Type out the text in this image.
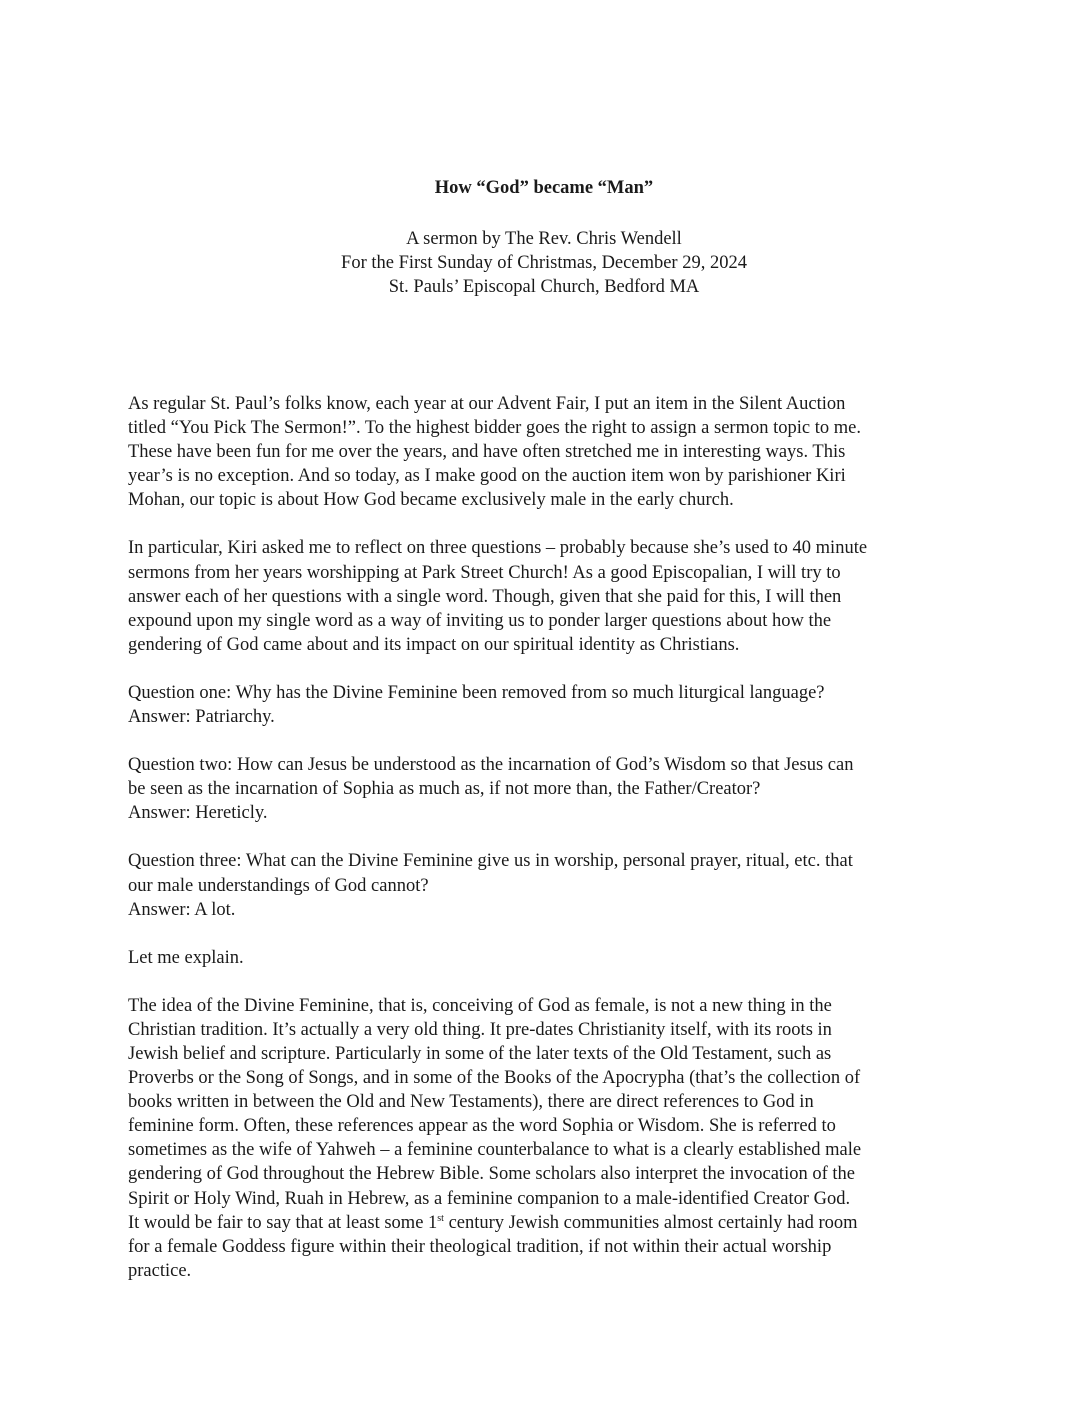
How “God” became “Man”
A sermon by The Rev. Chris Wendell
For the First Sunday of Christmas, December 29, 2024
St. Pauls’ Episcopal Church, Bedford MA

As regular St. Paul’s folks know, each year at our Advent Fair, I put an item in the Silent Auction
titled “You Pick The Sermon!”. To the highest bidder goes the right to assign a sermon topic to me.
These have been fun for me over the years, and have often stretched me in interesting ways. This
year’s is no exception. And so today, as I make good on the auction item won by parishioner Kiri
Mohan, our topic is about How God became exclusively male in the early church.

In particular, Kiri asked me to reflect on three questions – probably because she’s used to 40 minute
sermons from her years worshipping at Park Street Church! As a good Episcopalian, I will try to
answer each of her questions with a single word. Though, given that she paid for this, I will then
expound upon my single word as a way of inviting us to ponder larger questions about how the
gendering of God came about and its impact on our spiritual identity as Christians.

Question one: Why has the Divine Feminine been removed from so much liturgical language?
Answer: Patriarchy.

Question two: How can Jesus be understood as the incarnation of God’s Wisdom so that Jesus can
be seen as the incarnation of Sophia as much as, if not more than, the Father/Creator?
Answer: Hereticly.

Question three: What can the Divine Feminine give us in worship, personal prayer, ritual, etc. that
our male understandings of God cannot?
Answer: A lot.

Let me explain.

The idea of the Divine Feminine, that is, conceiving of God as female, is not a new thing in the
Christian tradition. It’s actually a very old thing. It pre-dates Christianity itself, with its roots in
Jewish belief and scripture. Particularly in some of the later texts of the Old Testament, such as
Proverbs or the Song of Songs, and in some of the Books of the Apocrypha (that’s the collection of
books written in between the Old and New Testaments), there are direct references to God in
feminine form. Often, these references appear as the word Sophia or Wisdom. She is referred to
sometimes as the wife of Yahweh – a feminine counterbalance to what is a clearly established male
gendering of God throughout the Hebrew Bible. Some scholars also interpret the invocation of the
Spirit or Holy Wind, Ruah in Hebrew, as a feminine companion to a male-identified Creator God.
It would be fair to say that at least some 1st century Jewish communities almost certainly had room
for a female Goddess figure within their theological tradition, if not within their actual worship
practice.
